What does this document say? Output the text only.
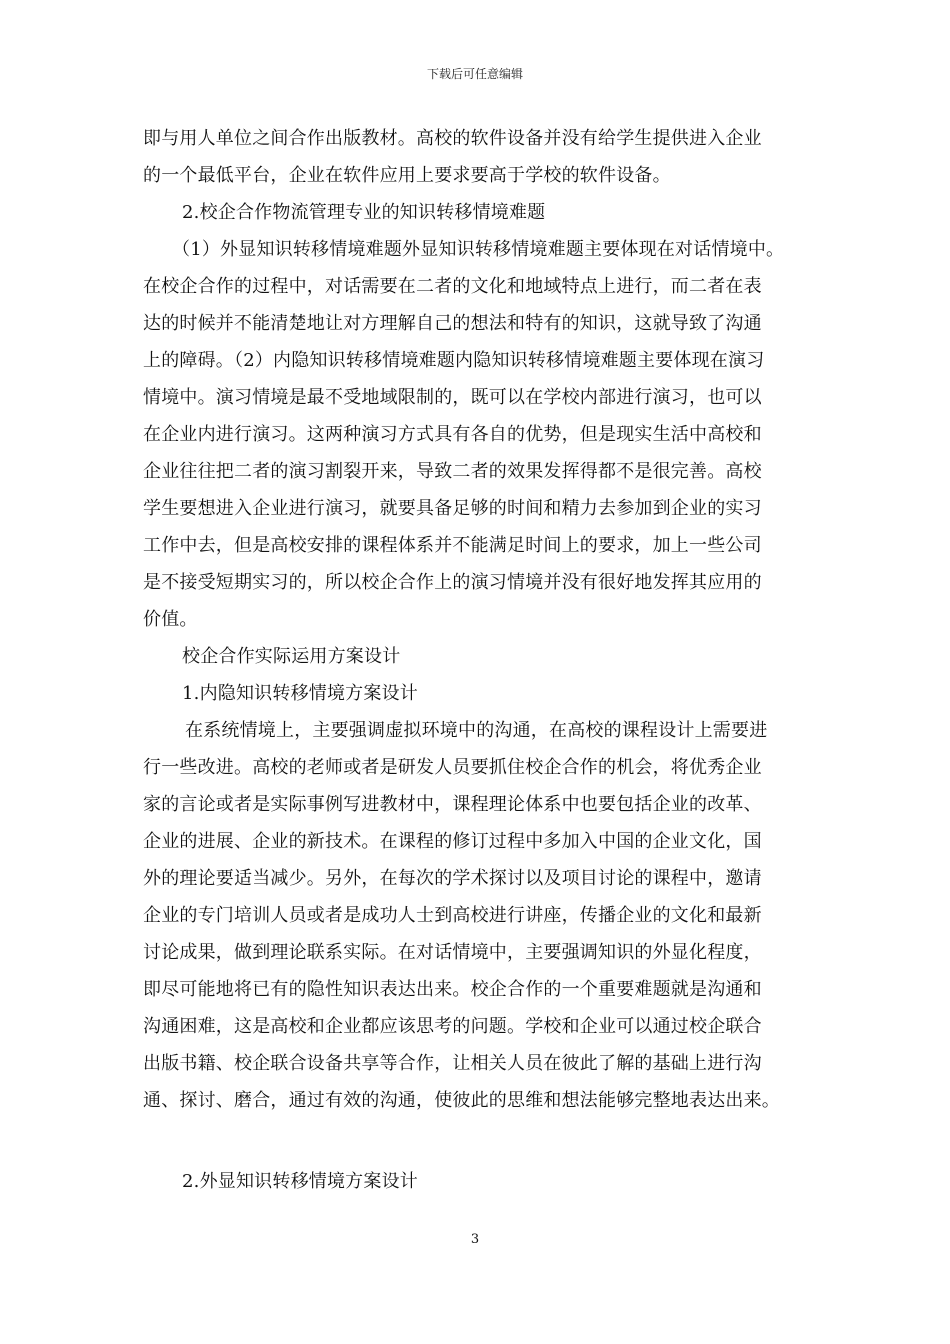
下载后可任意编辑
即与用人单位之间合作出版教材。高校的软件设备并没有给学生提供进入企业
的一个最低平台，企业在软件应用上要求要高于学校的软件设备。
2.校企合作物流管理专业的知识转移情境难题
（1）外显知识转移情境难题外显知识转移情境难题主要体现在对话情境中。
在校企合作的过程中，对话需要在二者的文化和地域特点上进行，而二者在表
达的时候并不能清楚地让对方理解自己的想法和特有的知识，这就导致了沟通
上的障碍。（2）内隐知识转移情境难题内隐知识转移情境难题主要体现在演习
情境中。演习情境是最不受地域限制的，既可以在学校内部进行演习，也可以
在企业内进行演习。这两种演习方式具有各自的优势，但是现实生活中高校和
企业往往把二者的演习割裂开来，导致二者的效果发挥得都不是很完善。高校
学生要想进入企业进行演习，就要具备足够的时间和精力去参加到企业的实习
工作中去，但是高校安排的课程体系并不能满足时间上的要求，加上一些公司
是不接受短期实习的，所以校企合作上的演习情境并没有很好地发挥其应用的
价值。
校企合作实际运用方案设计
1.内隐知识转移情境方案设计
在系统情境上，主要强调虚拟环境中的沟通，在高校的课程设计上需要进
行一些改进。高校的老师或者是研发人员要抓住校企合作的机会，将优秀企业
家的言论或者是实际事例写进教材中，课程理论体系中也要包括企业的改革、
企业的进展、企业的新技术。在课程的修订过程中多加入中国的企业文化，国
外的理论要适当减少。另外，在每次的学术探讨以及项目讨论的课程中，邀请
企业的专门培训人员或者是成功人士到高校进行讲座，传播企业的文化和最新
讨论成果，做到理论联系实际。在对话情境中，主要强调知识的外显化程度，
即尽可能地将已有的隐性知识表达出来。校企合作的一个重要难题就是沟通和
沟通困难，这是高校和企业都应该思考的问题。学校和企业可以通过校企联合
出版书籍、校企联合设备共享等合作，让相关人员在彼此了解的基础上进行沟
通、探讨、磨合，通过有效的沟通，使彼此的思维和想法能够完整地表达出来。
2.外显知识转移情境方案设计
3
